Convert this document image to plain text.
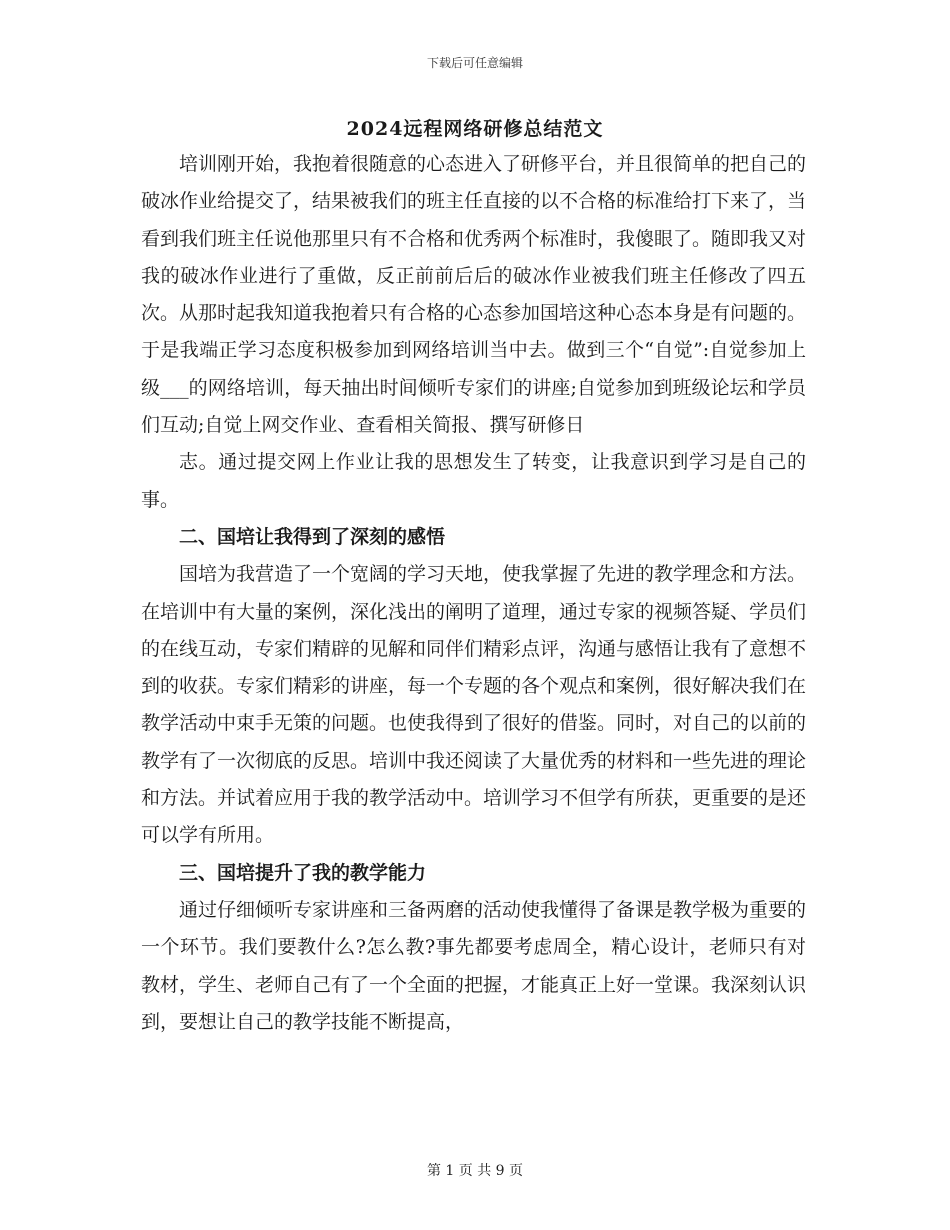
下载后可任意编辑
2024远程网络研修总结范文

培训刚开始，我抱着很随意的心态进入了研修平台，并且很简单的把自己的破冰作业给提交了，结果被我们的班主任直接的以不合格的标准给打下来了，当看到我们班主任说他那里只有不合格和优秀两个标准时，我傻眼了。随即我又对我的破冰作业进行了重做，反正前前后后的破冰作业被我们班主任修改了四五次。从那时起我知道我抱着只有合格的心态参加国培这种心态本身是有问题的。于是我端正学习态度积极参加到网络培训当中去。做到三个“自觉”:自觉参加上级___的网络培训，每天抽出时间倾听专家们的讲座;自觉参加到班级论坛和学员们互动;自觉上网交作业、查看相关简报、撰写研修日

志。通过提交网上作业让我的思想发生了转变，让我意识到学习是自己的事。

二、国培让我得到了深刻的感悟

国培为我营造了一个宽阔的学习天地，使我掌握了先进的教学理念和方法。在培训中有大量的案例，深化浅出的阐明了道理，通过专家的视频答疑、学员们的在线互动，专家们精辟的见解和同伴们精彩点评，沟通与感悟让我有了意想不到的收获。专家们精彩的讲座，每一个专题的各个观点和案例，很好解决我们在教学活动中束手无策的问题。也使我得到了很好的借鉴。同时，对自己的以前的教学有了一次彻底的反思。培训中我还阅读了大量优秀的材料和一些先进的理论和方法。并试着应用于我的教学活动中。培训学习不但学有所获，更重要的是还可以学有所用。

三、国培提升了我的教学能力

通过仔细倾听专家讲座和三备两磨的活动使我懂得了备课是教学极为重要的一个环节。我们要教什么?怎么教?事先都要考虑周全，精心设计，老师只有对教材，学生、老师自己有了一个全面的把握，才能真正上好一堂课。我深刻认识到，要想让自己的教学技能不断提高，

第 1 页 共 9 页
